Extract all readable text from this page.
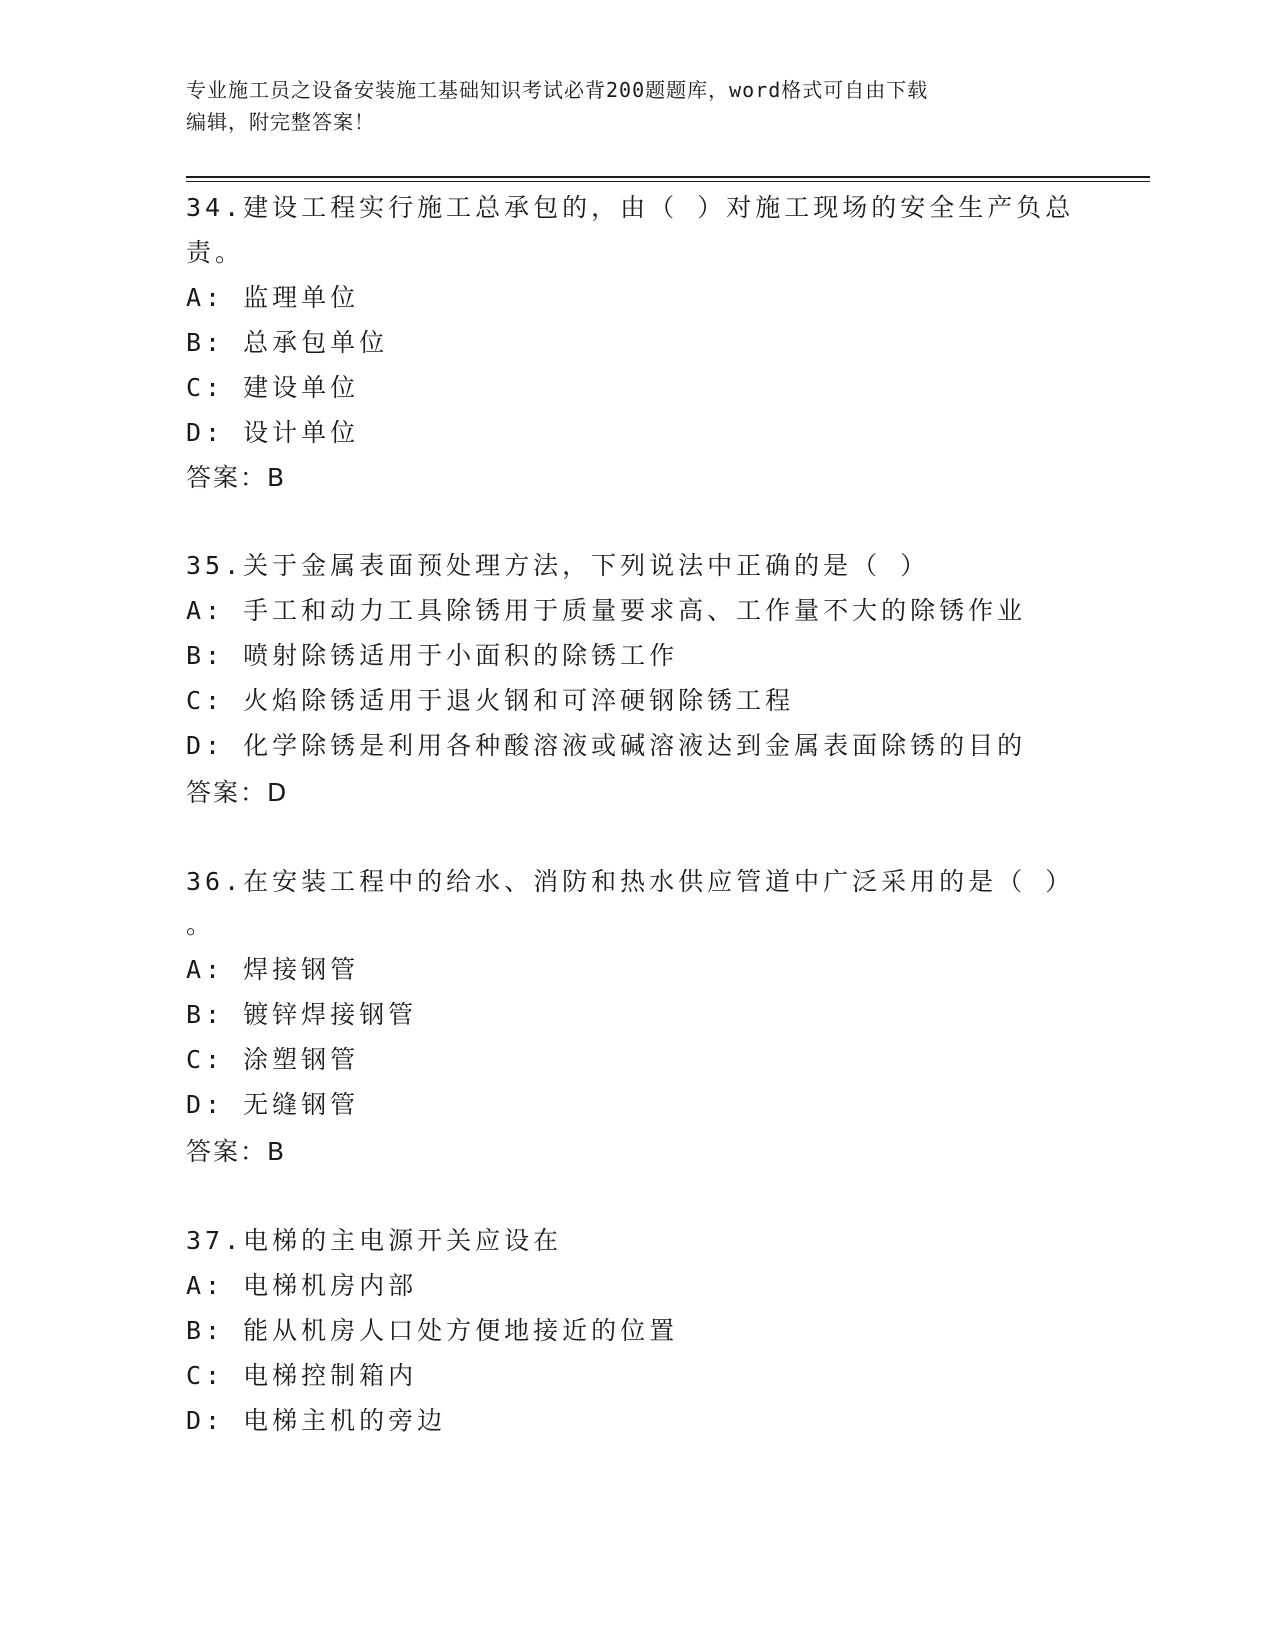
专业施工员之设备安装施工基础知识考试必背200题题库，word格式可自由下载
编辑，附完整答案！
34.建设工程实行施工总承包的，由（ ）对施工现场的安全生产负总
责。
A: 监理单位
B: 总承包单位
C: 建设单位
D: 设计单位
答案：B
35.关于金属表面预处理方法，下列说法中正确的是（ ）
A: 手工和动力工具除锈用于质量要求高、工作量不大的除锈作业
B: 喷射除锈适用于小面积的除锈工作
C: 火焰除锈适用于退火钢和可淬硬钢除锈工程
D: 化学除锈是利用各种酸溶液或碱溶液达到金属表面除锈的目的
答案：D
36.在安装工程中的给水、消防和热水供应管道中广泛采用的是（ ）
。
A: 焊接钢管
B: 镀锌焊接钢管
C: 涂塑钢管
D: 无缝钢管
答案：B
37.电梯的主电源开关应设在
A: 电梯机房内部
B: 能从机房人口处方便地接近的位置
C: 电梯控制箱内
D: 电梯主机的旁边
